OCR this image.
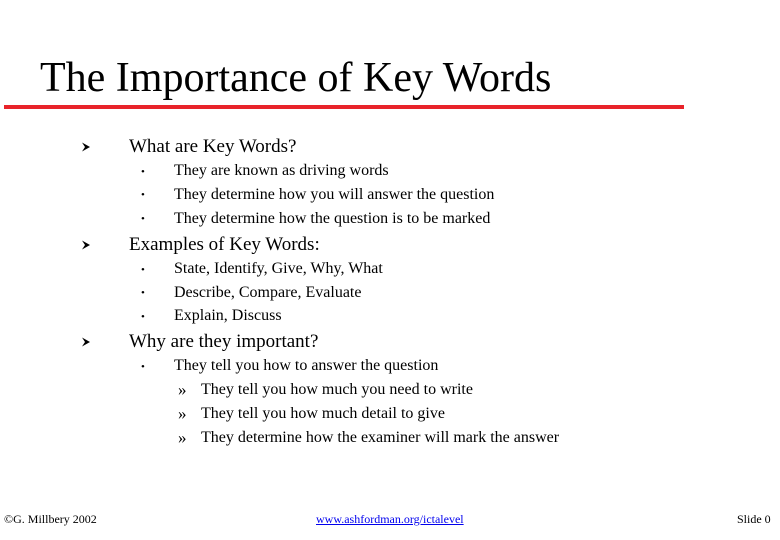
The Importance of Key Words
What are Key Words?
• They are known as driving words
• They determine how you will answer the question
• They determine how the question is to be marked
Examples of Key Words:
• State, Identify, Give, Why, What
• Describe, Compare, Evaluate
• Explain, Discuss
Why are they important?
• They tell you how to answer the question
» They tell you how much you need to write
» They tell you how much detail to give
» They determine how the examiner will mark the answer
©G. Millbery 2002	www.ashfordman.org/ictalevel	Slide 0
